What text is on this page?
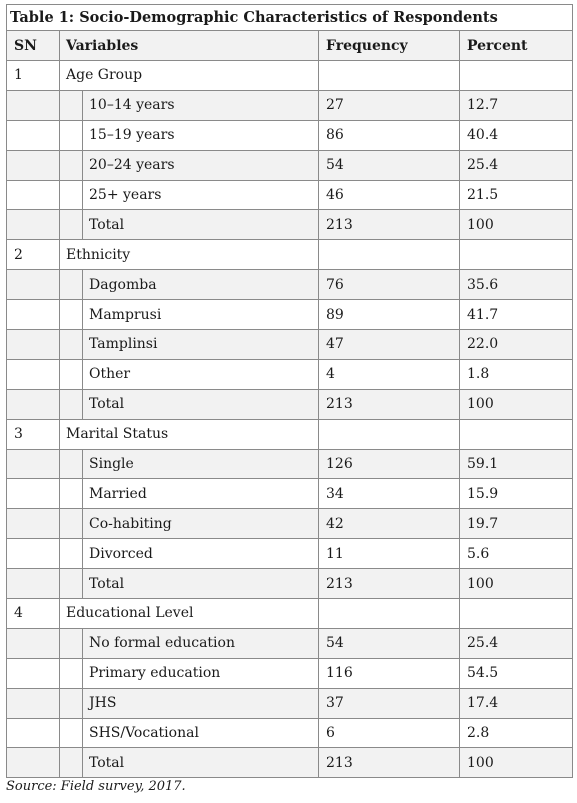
Table 1: Socio-Demographic Characteristics of Respondents				
SN	Variables		Frequency	Percent
1	Age Group			
		10–14 years	27	12.7
		15–19 years	86	40.4
		20–24 years	54	25.4
		25+ years	46	21.5
		Total	213	100
2	Ethnicity			
		Dagomba	76	35.6
		Mamprusi	89	41.7
		Tamplinsi	47	22.0
		Other	4	1.8
		Total	213	100
3	Marital Status			
		Single	126	59.1
		Married	34	15.9
		Co-habiting	42	19.7
		Divorced	11	5.6
		Total	213	100
4	Educational Level			
		No formal education	54	25.4
		Primary education	116	54.5
		JHS	37	17.4
		SHS/Vocational	6	2.8
		Total	213	100
Source: Field survey, 2017.
